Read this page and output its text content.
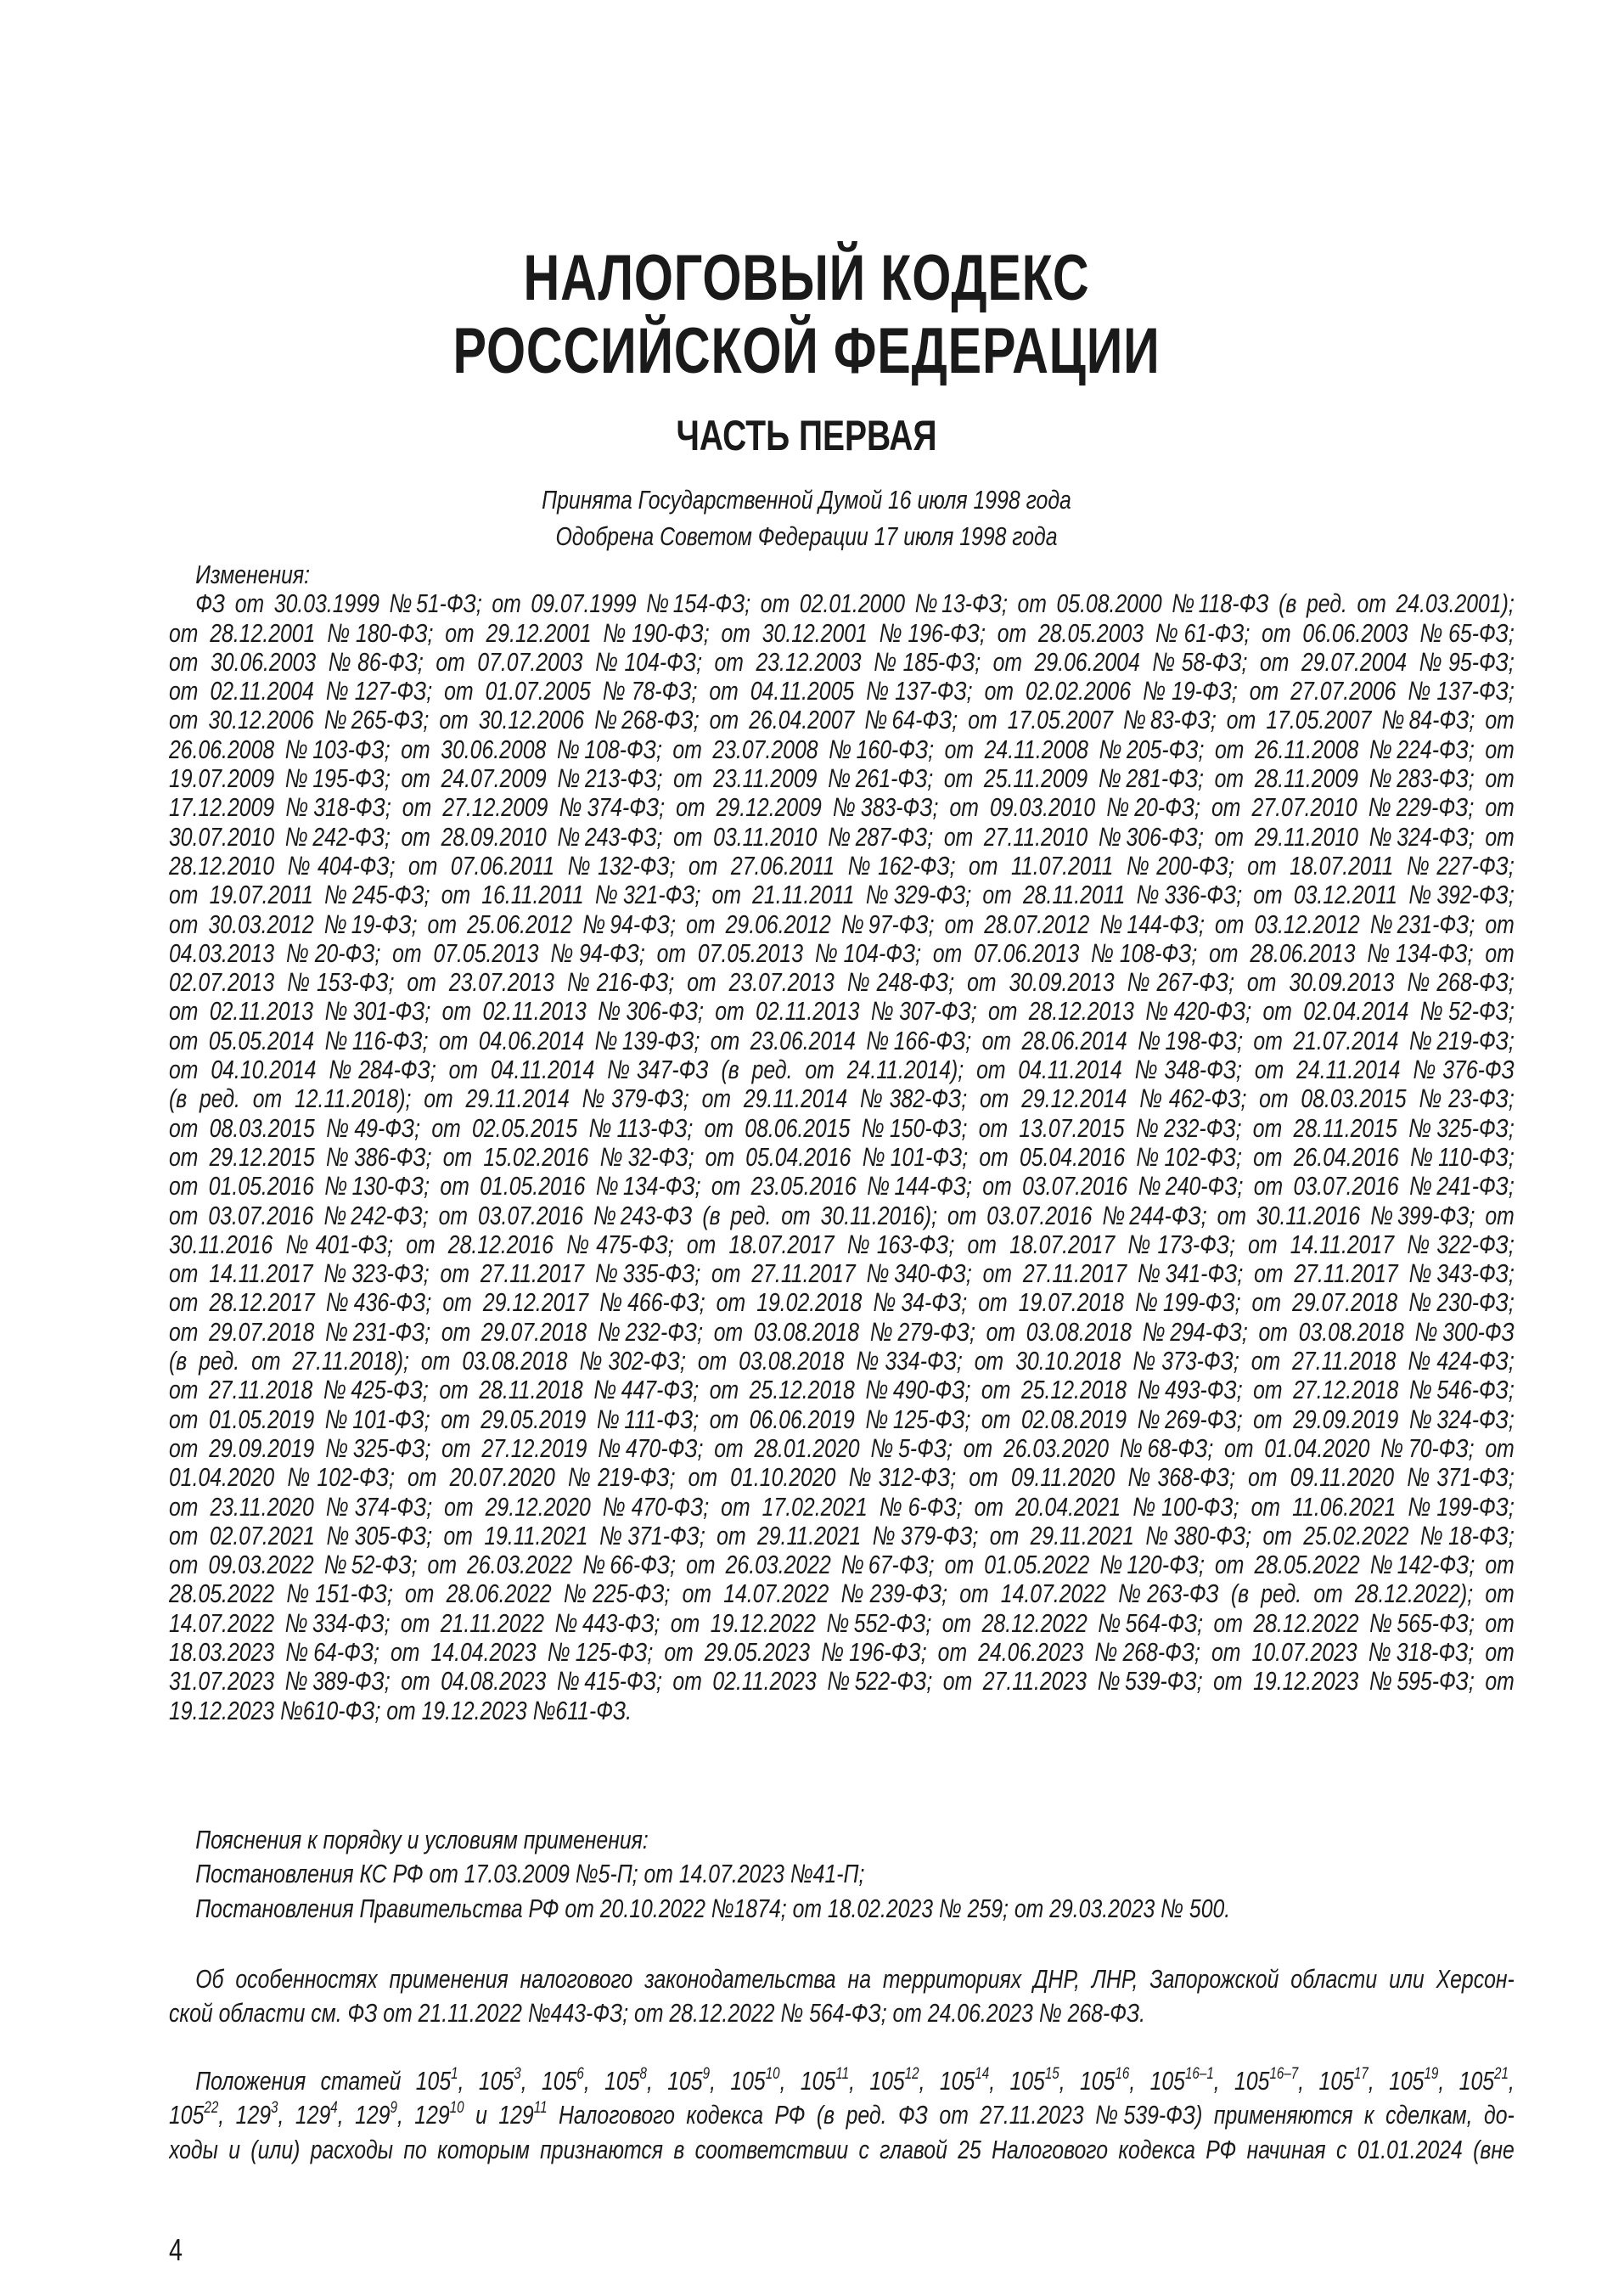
НАЛОГОВЫЙ КОДЕКС
РОССИЙСКОЙ ФЕДЕРАЦИИ
ЧАСТЬ ПЕРВАЯ
Принята Государственной Думой 16 июля 1998 года
Одобрена Советом Федерации 17 июля 1998 года
Изменения:
ФЗ от 30.03.1999 №51-ФЗ; от 09.07.1999 №154-ФЗ; от 02.01.2000 №13-ФЗ; от 05.08.2000 №118-ФЗ (в ред. от 24.03.2001);
от 28.12.2001 №180-ФЗ; от 29.12.2001 №190-ФЗ; от 30.12.2001 №196-ФЗ; от 28.05.2003 №61-ФЗ; от 06.06.2003 №65-ФЗ;
от 30.06.2003 №86-ФЗ; от 07.07.2003 №104-ФЗ; от 23.12.2003 №185-ФЗ; от 29.06.2004 №58-ФЗ; от 29.07.2004 №95-ФЗ;
от 02.11.2004 №127-ФЗ; от 01.07.2005 №78-ФЗ; от 04.11.2005 №137-ФЗ; от 02.02.2006 №19-ФЗ; от 27.07.2006 №137-ФЗ;
от 30.12.2006 №265-ФЗ; от 30.12.2006 №268-ФЗ; от 26.04.2007 №64-ФЗ; от 17.05.2007 №83-ФЗ; от 17.05.2007 №84-ФЗ; от
26.06.2008 №103-ФЗ; от 30.06.2008 №108-ФЗ; от 23.07.2008 №160-ФЗ; от 24.11.2008 №205-ФЗ; от 26.11.2008 №224-ФЗ; от
19.07.2009 №195-ФЗ; от 24.07.2009 №213-ФЗ; от 23.11.2009 №261-ФЗ; от 25.11.2009 №281-ФЗ; от 28.11.2009 №283-ФЗ; от
17.12.2009 №318-ФЗ; от 27.12.2009 №374-ФЗ; от 29.12.2009 №383-ФЗ; от 09.03.2010 №20-ФЗ; от 27.07.2010 №229-ФЗ; от
30.07.2010 №242-ФЗ; от 28.09.2010 №243-ФЗ; от 03.11.2010 №287-ФЗ; от 27.11.2010 №306-ФЗ; от 29.11.2010 №324-ФЗ; от
28.12.2010 №404-ФЗ; от 07.06.2011 №132-ФЗ; от 27.06.2011 №162-ФЗ; от 11.07.2011 №200-ФЗ; от 18.07.2011 №227-ФЗ;
от 19.07.2011 №245-ФЗ; от 16.11.2011 №321-ФЗ; от 21.11.2011 №329-ФЗ; от 28.11.2011 №336-ФЗ; от 03.12.2011 №392-ФЗ;
от 30.03.2012 №19-ФЗ; от 25.06.2012 №94-ФЗ; от 29.06.2012 №97-ФЗ; от 28.07.2012 №144-ФЗ; от 03.12.2012 №231-ФЗ; от
04.03.2013 №20-ФЗ; от 07.05.2013 №94-ФЗ; от 07.05.2013 №104-ФЗ; от 07.06.2013 №108-ФЗ; от 28.06.2013 №134-ФЗ; от
02.07.2013 №153-ФЗ; от 23.07.2013 №216-ФЗ; от 23.07.2013 №248-ФЗ; от 30.09.2013 №267-ФЗ; от 30.09.2013 №268-ФЗ;
от 02.11.2013 №301-ФЗ; от 02.11.2013 №306-ФЗ; от 02.11.2013 №307-ФЗ; от 28.12.2013 №420-ФЗ; от 02.04.2014 №52-ФЗ;
от 05.05.2014 №116-ФЗ; от 04.06.2014 №139-ФЗ; от 23.06.2014 №166-ФЗ; от 28.06.2014 №198-ФЗ; от 21.07.2014 №219-ФЗ;
от 04.10.2014 №284-ФЗ; от 04.11.2014 №347-ФЗ (в ред. от 24.11.2014); от 04.11.2014 №348-ФЗ; от 24.11.2014 №376-ФЗ
(в ред. от 12.11.2018); от 29.11.2014 №379-ФЗ; от 29.11.2014 №382-ФЗ; от 29.12.2014 №462-ФЗ; от 08.03.2015 №23-ФЗ;
от 08.03.2015 №49-ФЗ; от 02.05.2015 №113-ФЗ; от 08.06.2015 №150-ФЗ; от 13.07.2015 №232-ФЗ; от 28.11.2015 №325-ФЗ;
от 29.12.2015 №386-ФЗ; от 15.02.2016 №32-ФЗ; от 05.04.2016 №101-ФЗ; от 05.04.2016 №102-ФЗ; от 26.04.2016 №110-ФЗ;
от 01.05.2016 №130-ФЗ; от 01.05.2016 №134-ФЗ; от 23.05.2016 №144-ФЗ; от 03.07.2016 №240-ФЗ; от 03.07.2016 №241-ФЗ;
от 03.07.2016 №242-ФЗ; от 03.07.2016 №243-ФЗ (в ред. от 30.11.2016); от 03.07.2016 №244-ФЗ; от 30.11.2016 №399-ФЗ; от
30.11.2016 №401-ФЗ; от 28.12.2016 №475-ФЗ; от 18.07.2017 №163-ФЗ; от 18.07.2017 №173-ФЗ; от 14.11.2017 №322-ФЗ;
от 14.11.2017 №323-ФЗ; от 27.11.2017 №335-ФЗ; от 27.11.2017 №340-ФЗ; от 27.11.2017 №341-ФЗ; от 27.11.2017 №343-ФЗ;
от 28.12.2017 №436-ФЗ; от 29.12.2017 №466-ФЗ; от 19.02.2018 №34-ФЗ; от 19.07.2018 №199-ФЗ; от 29.07.2018 №230-ФЗ;
от 29.07.2018 №231-ФЗ; от 29.07.2018 №232-ФЗ; от 03.08.2018 №279-ФЗ; от 03.08.2018 №294-ФЗ; от 03.08.2018 №300-ФЗ
(в ред. от 27.11.2018); от 03.08.2018 №302-ФЗ; от 03.08.2018 №334-ФЗ; от 30.10.2018 №373-ФЗ; от 27.11.2018 №424-ФЗ;
от 27.11.2018 №425-ФЗ; от 28.11.2018 №447-ФЗ; от 25.12.2018 №490-ФЗ; от 25.12.2018 №493-ФЗ; от 27.12.2018 №546-ФЗ;
от 01.05.2019 №101-ФЗ; от 29.05.2019 №111-ФЗ; от 06.06.2019 №125-ФЗ; от 02.08.2019 №269-ФЗ; от 29.09.2019 №324-ФЗ;
от 29.09.2019 №325-ФЗ; от 27.12.2019 №470-ФЗ; от 28.01.2020 №5-ФЗ; от 26.03.2020 №68-ФЗ; от 01.04.2020 №70-ФЗ; от
01.04.2020 №102-ФЗ; от 20.07.2020 №219-ФЗ; от 01.10.2020 №312-ФЗ; от 09.11.2020 №368-ФЗ; от 09.11.2020 №371-ФЗ;
от 23.11.2020 №374-ФЗ; от 29.12.2020 №470-ФЗ; от 17.02.2021 №6-ФЗ; от 20.04.2021 №100-ФЗ; от 11.06.2021 №199-ФЗ;
от 02.07.2021 №305-ФЗ; от 19.11.2021 №371-ФЗ; от 29.11.2021 №379-ФЗ; от 29.11.2021 №380-ФЗ; от 25.02.2022 №18-ФЗ;
от 09.03.2022 №52-ФЗ; от 26.03.2022 №66-ФЗ; от 26.03.2022 №67-ФЗ; от 01.05.2022 №120-ФЗ; от 28.05.2022 №142-ФЗ; от
28.05.2022 №151-ФЗ; от 28.06.2022 №225-ФЗ; от 14.07.2022 №239-ФЗ; от 14.07.2022 №263-ФЗ (в ред. от 28.12.2022); от
14.07.2022 №334-ФЗ; от 21.11.2022 №443-ФЗ; от 19.12.2022 №552-ФЗ; от 28.12.2022 №564-ФЗ; от 28.12.2022 №565-ФЗ; от
18.03.2023 №64-ФЗ; от 14.04.2023 №125-ФЗ; от 29.05.2023 №196-ФЗ; от 24.06.2023 №268-ФЗ; от 10.07.2023 №318-ФЗ; от
31.07.2023 №389-ФЗ; от 04.08.2023 №415-ФЗ; от 02.11.2023 №522-ФЗ; от 27.11.2023 №539-ФЗ; от 19.12.2023 №595-ФЗ; от
19.12.2023 №610-ФЗ; от 19.12.2023 №611-ФЗ.
Пояснения к порядку и условиям применения:
Постановления КС РФ от 17.03.2009 №5-П; от 14.07.2023 №41-П;
Постановления Правительства РФ от 20.10.2022 №1874; от 18.02.2023 № 259; от 29.03.2023 № 500.
Об особенностях применения налогового законодательства на территориях ДНР, ЛНР, Запорожской области или Херсон-
ской области см. ФЗ от 21.11.2022 №443-ФЗ; от 28.12.2022 № 564-ФЗ; от 24.06.2023 № 268-ФЗ.
Положения статей $105^1$, $105^3$, $105^6$, $105^8$, $105^9$, $105^{10}$, $105^{11}$, $105^{12}$, $105^{14}$, $105^{15}$, $105^{16}$, 105$^{16-1}$, 105$^{16-7}$, $105^{17}$, $105^{19}$, $105^{21}$,
$105^{22}$, $129^3$, $129^4$, $129^9$, $129^{10}$ и $129^{11}$ Налогового кодекса РФ (в ред. ФЗ от 27.11.2023 №539-ФЗ) применяются к сделкам, до-
ходы и (или) расходы по которым признаются в соответствии с главой 25 Налогового кодекса РФ начиная с 01.01.2024 (вне
4
